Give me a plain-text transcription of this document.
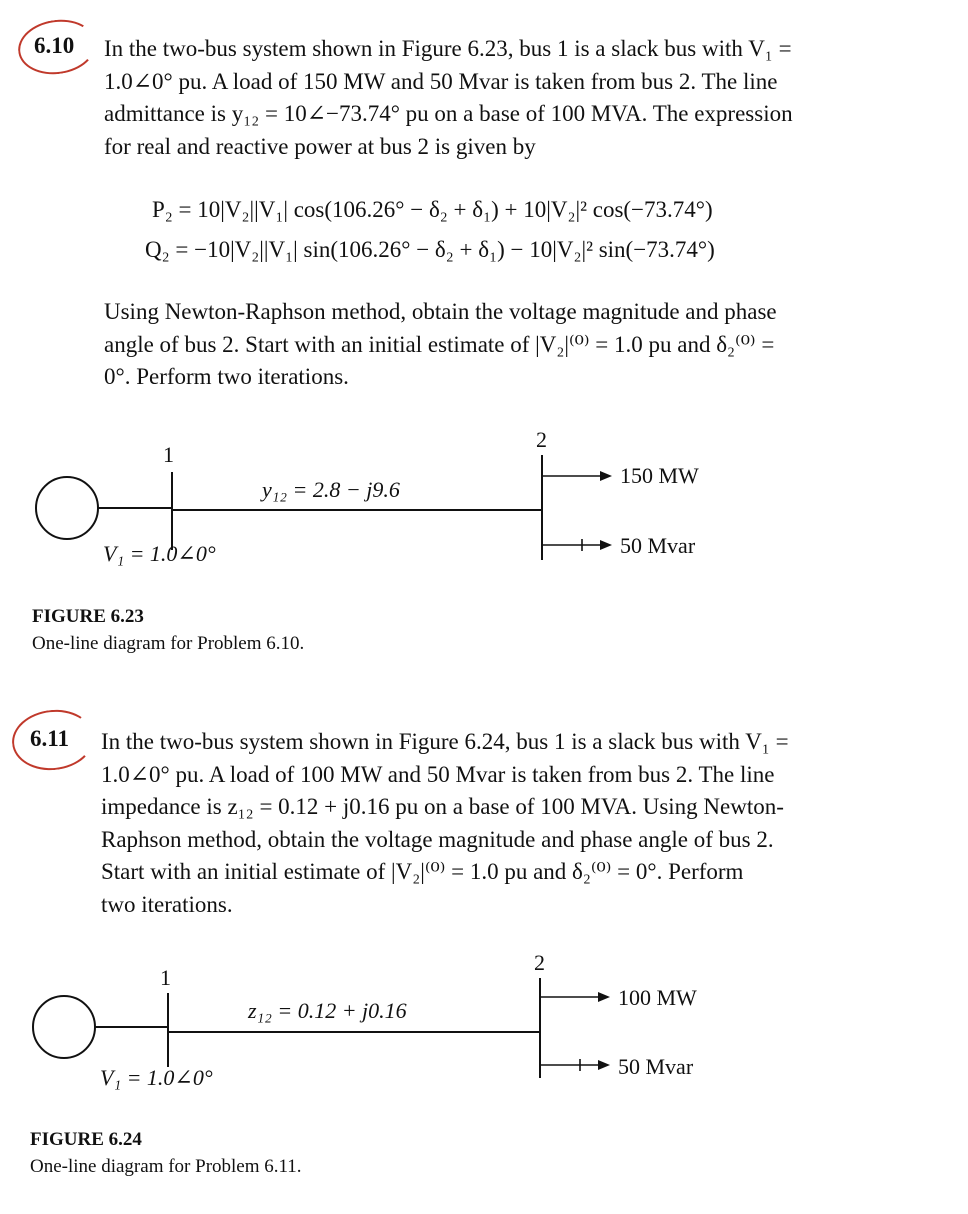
6.10 In the two-bus system shown in Figure 6.23, bus 1 is a slack bus with V₁ =
1.0∠0° pu. A load of 150 MW and 50 Mvar is taken from bus 2. The line
admittance is y₁₂ = 10∠−73.74° pu on a base of 100 MVA. The expression
for real and reactive power at bus 2 is given by
P₂ = 10|V₂||V₁| cos(106.26° − δ₂ + δ₁) + 10|V₂|² cos(−73.74°)
Q₂ = −10|V₂||V₁| sin(106.26° − δ₂ + δ₁) − 10|V₂|² sin(−73.74°)
Using Newton-Raphson method, obtain the voltage magnitude and phase
angle of bus 2. Start with an initial estimate of |V₂|⁽⁰⁾ = 1.0 pu and δ₂⁽⁰⁾ =
0°. Perform two iterations.
1
2
y₁₂ = 2.8 − j9.6
V₁ = 1.0∠0°
150 MW
50 Mvar
FIGURE 6.23
One-line diagram for Problem 6.10.
6.11 In the two-bus system shown in Figure 6.24, bus 1 is a slack bus with V₁ =
1.0∠0° pu. A load of 100 MW and 50 Mvar is taken from bus 2. The line
impedance is z₁₂ = 0.12 + j0.16 pu on a base of 100 MVA. Using Newton-
Raphson method, obtain the voltage magnitude and phase angle of bus 2.
Start with an initial estimate of |V₂|⁽⁰⁾ = 1.0 pu and δ₂⁽⁰⁾ = 0°. Perform
two iterations.
1
2
z₁₂ = 0.12 + j0.16
V₁ = 1.0∠0°
100 MW
50 Mvar
FIGURE 6.24
One-line diagram for Problem 6.11.
